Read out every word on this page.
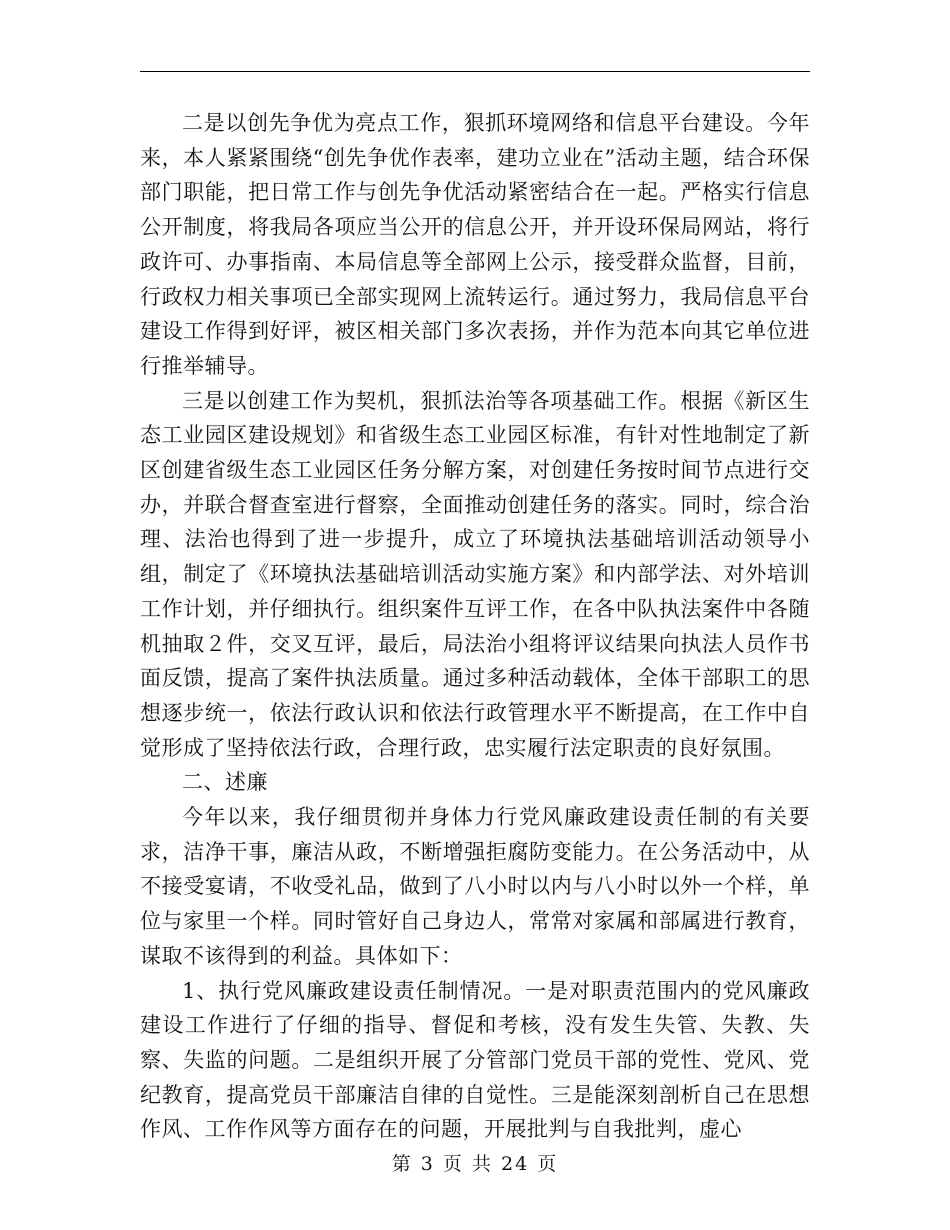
二是以创先争优为亮点工作，狠抓环境网络和信息平台建设。今年来，本人紧紧围绕“创先争优作表率，建功立业在”活动主题，结合环保部门职能，把日常工作与创先争优活动紧密结合在一起。严格实行信息公开制度，将我局各项应当公开的信息公开，并开设环保局网站，将行政许可、办事指南、本局信息等全部网上公示，接受群众监督，目前，行政权力相关事项已全部实现网上流转运行。通过努力，我局信息平台建设工作得到好评，被区相关部门多次表扬，并作为范本向其它单位进行推举辅导。

三是以创建工作为契机，狠抓法治等各项基础工作。根据《新区生态工业园区建设规划》和省级生态工业园区标准，有针对性地制定了新区创建省级生态工业园区任务分解方案，对创建任务按时间节点进行交办，并联合督查室进行督察，全面推动创建任务的落实。同时，综合治理、法治也得到了进一步提升，成立了环境执法基础培训活动领导小组，制定了《环境执法基础培训活动实施方案》和内部学法、对外培训工作计划，并仔细执行。组织案件互评工作，在各中队执法案件中各随机抽取２件，交叉互评，最后，局法治小组将评议结果向执法人员作书面反馈，提高了案件执法质量。通过多种活动载体，全体干部职工的思想逐步统一，依法行政认识和依法行政管理水平不断提高，在工作中自觉形成了坚持依法行政，合理行政，忠实履行法定职责的良好氛围。

二、述廉

今年以来，我仔细贯彻并身体力行党风廉政建设责任制的有关要求，洁净干事，廉洁从政，不断增强拒腐防变能力。在公务活动中，从不接受宴请，不收受礼品，做到了八小时以内与八小时以外一个样，单位与家里一个样。同时管好自己身边人，常常对家属和部属进行教育，谋取不该得到的利益。具体如下：

1、执行党风廉政建设责任制情况。一是对职责范围内的党风廉政建设工作进行了仔细的指导、督促和考核，没有发生失管、失教、失察、失监的问题。二是组织开展了分管部门党员干部的党性、党风、党纪教育，提高党员干部廉洁自律的自觉性。三是能深刻剖析自己在思想作风、工作作风等方面存在的问题，开展批判与自我批判，虚心

第 3 页 共 24 页
